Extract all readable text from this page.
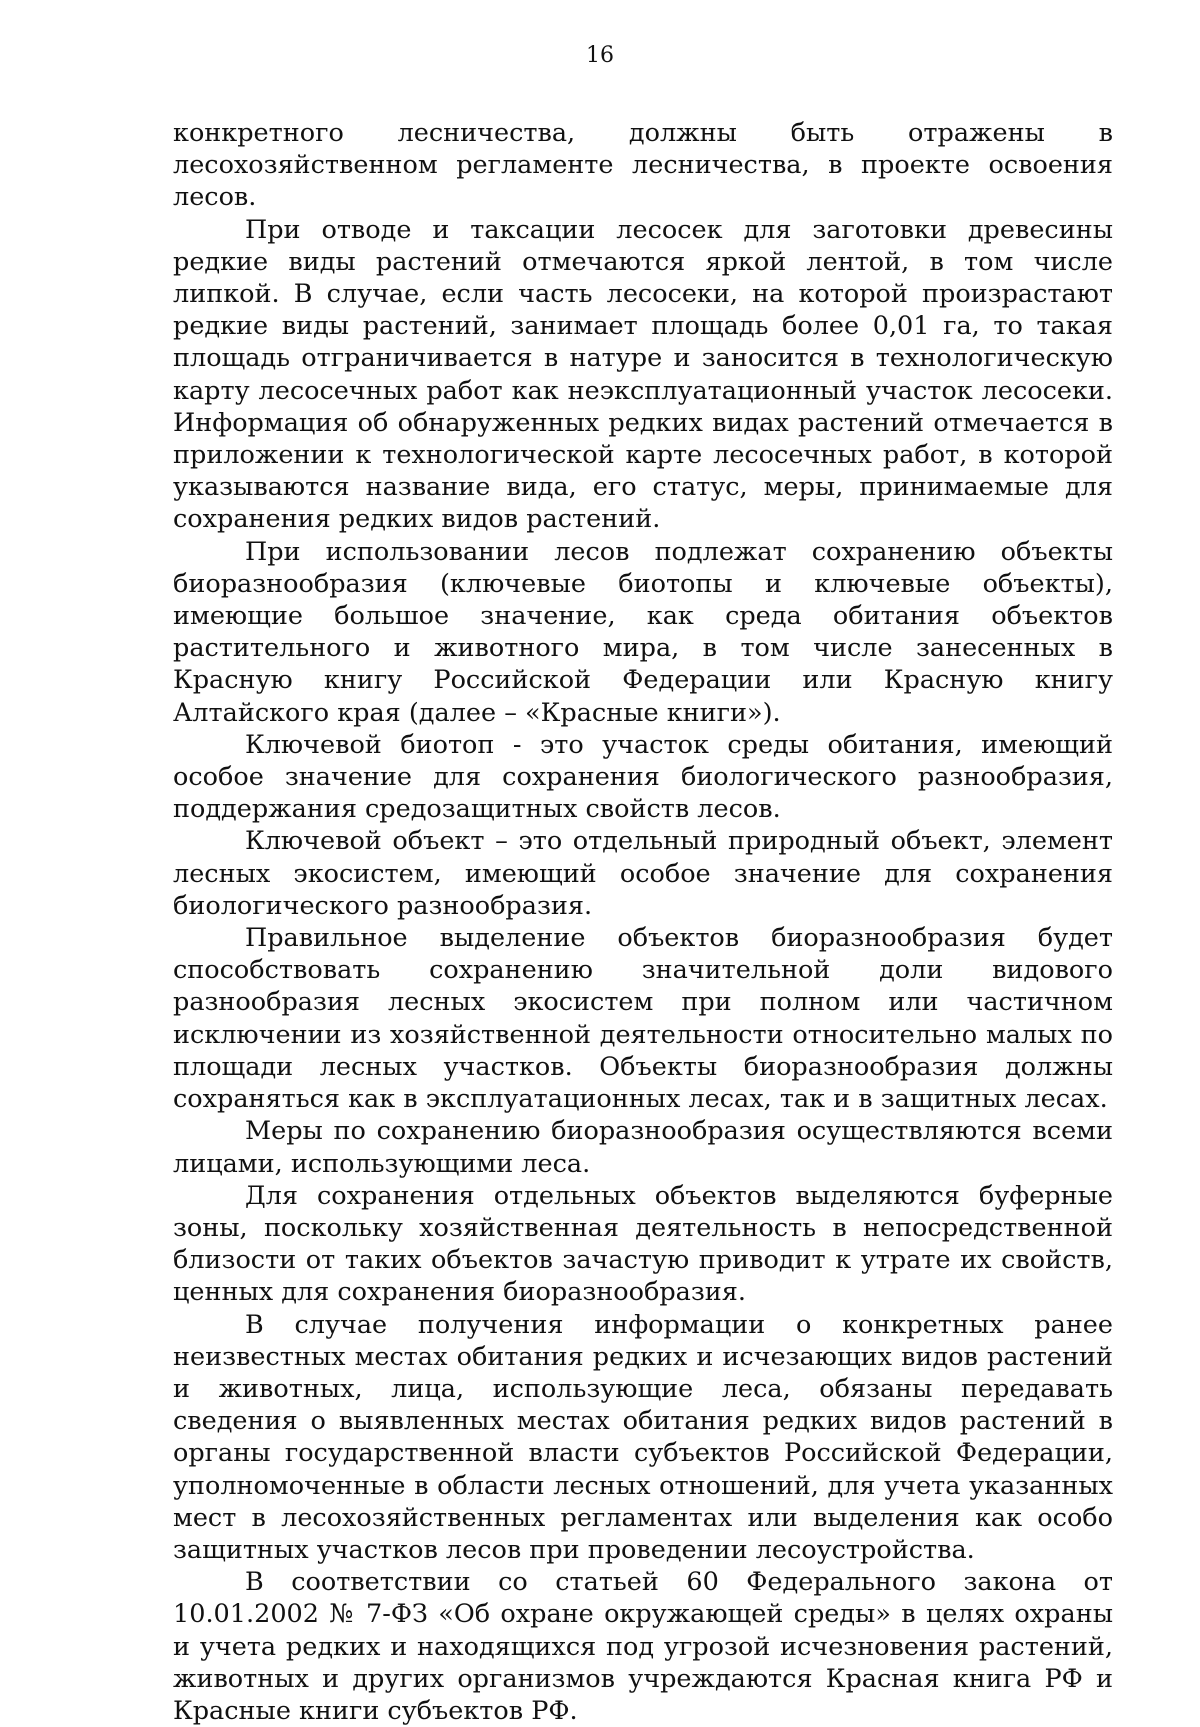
16

конкретного лесничества, должны быть отражены в лесохозяйственном регламенте лесничества, в проекте освоения лесов.

При отводе и таксации лесосек для заготовки древесины редкие виды растений отмечаются яркой лентой, в том числе липкой. В случае, если часть лесосеки, на которой произрастают редкие виды растений, занимает площадь более 0,01 га, то такая площадь отграничивается в натуре и заносится в технологическую карту лесосечных работ как неэксплуатационный участок лесосеки. Информация об обнаруженных редких видах растений отмечается в приложении к технологической карте лесосечных работ, в которой указываются название вида, его статус, меры, принимаемые для сохранения редких видов растений.

При использовании лесов подлежат сохранению объекты биоразнообразия (ключевые биотопы и ключевые объекты), имеющие большое значение, как среда обитания объектов растительного и животного мира, в том числе занесенных в Красную книгу Российской Федерации или Красную книгу Алтайского края (далее – «Красные книги»).

Ключевой биотоп - это участок среды обитания, имеющий особое значение для сохранения биологического разнообразия, поддержания средозащитных свойств лесов.

Ключевой объект – это отдельный природный объект, элемент лесных экосистем, имеющий особое значение для сохранения биологического разнообразия.

Правильное выделение объектов биоразнообразия будет способствовать сохранению значительной доли видового разнообразия лесных экосистем при полном или частичном исключении из хозяйственной деятельности относительно малых по площади лесных участков. Объекты биоразнообразия должны сохраняться как в эксплуатационных лесах, так и в защитных лесах.

Меры по сохранению биоразнообразия осуществляются всеми лицами, использующими леса.

Для сохранения отдельных объектов выделяются буферные зоны, поскольку хозяйственная деятельность в непосредственной близости от таких объектов зачастую приводит к утрате их свойств, ценных для сохранения биоразнообразия.

В случае получения информации о конкретных ранее неизвестных местах обитания редких и исчезающих видов растений и животных, лица, использующие леса, обязаны передавать сведения о выявленных местах обитания редких видов растений в органы государственной власти субъектов Российской Федерации, уполномоченные в области лесных отношений, для учета указанных мест в лесохозяйственных регламентах или выделения как особо защитных участков лесов при проведении лесоустройства.

В соответствии со статьей 60 Федерального закона от 10.01.2002 № 7-ФЗ «Об охране окружающей среды» в целях охраны и учета редких и находящихся под угрозой исчезновения растений, животных и других организмов учреждаются Красная книга РФ и Красные книги субъектов РФ.
